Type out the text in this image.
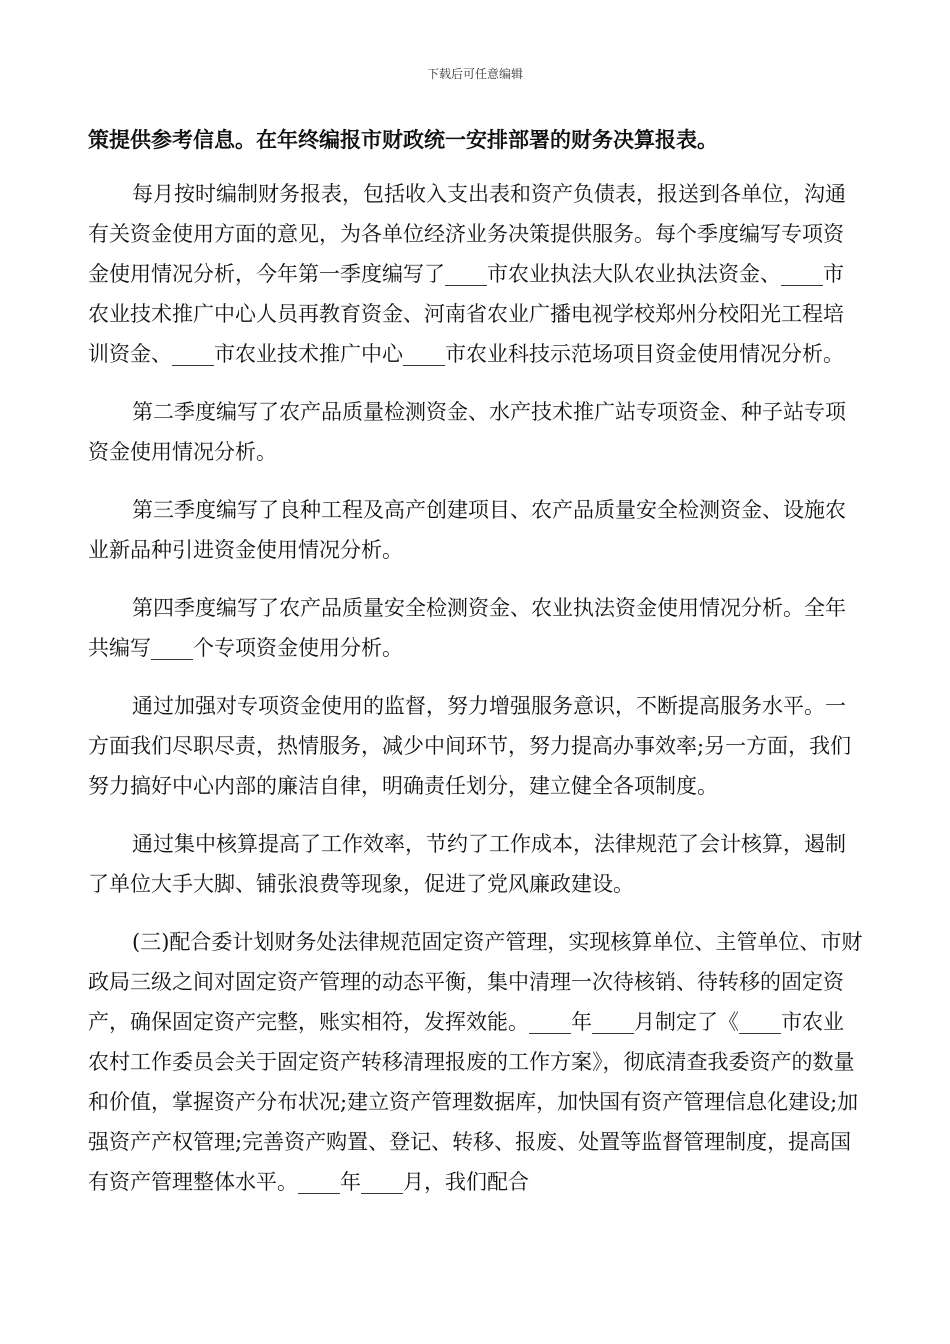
下载后可任意编辑

策提供参考信息。在年终编报市财政统一安排部署的财务决算报表。

每月按时编制财务报表，包括收入支出表和资产负债表，报送到各单位，沟通有关资金使用方面的意见，为各单位经济业务决策提供服务。每个季度编写专项资金使用情况分析，今年第一季度编写了____市农业执法大队农业执法资金、____市农业技术推广中心人员再教育资金、河南省农业广播电视学校郑州分校阳光工程培训资金、____市农业技术推广中心____市农业科技示范场项目资金使用情况分析。

第二季度编写了农产品质量检测资金、水产技术推广站专项资金、种子站专项资金使用情况分析。

第三季度编写了良种工程及高产创建项目、农产品质量安全检测资金、设施农业新品种引进资金使用情况分析。

第四季度编写了农产品质量安全检测资金、农业执法资金使用情况分析。全年共编写____个专项资金使用分析。

通过加强对专项资金使用的监督，努力增强服务意识，不断提高服务水平。一方面我们尽职尽责，热情服务，减少中间环节，努力提高办事效率;另一方面，我们努力搞好中心内部的廉洁自律，明确责任划分，建立健全各项制度。

通过集中核算提高了工作效率，节约了工作成本，法律规范了会计核算，遏制了单位大手大脚、铺张浪费等现象，促进了党风廉政建设。

(三)配合委计划财务处法律规范固定资产管理，实现核算单位、主管单位、市财政局三级之间对固定资产管理的动态平衡，集中清理一次待核销、待转移的固定资产，确保固定资产完整，账实相符，发挥效能。____年____月制定了《____市农业农村工作委员会关于固定资产转移清理报废的工作方案》，彻底清查我委资产的数量和价值，掌握资产分布状况;建立资产管理数据库，加快国有资产管理信息化建设;加强资产产权管理;完善资产购置、登记、转移、报废、处置等监督管理制度，提高国有资产管理整体水平。____年____月，我们配合
